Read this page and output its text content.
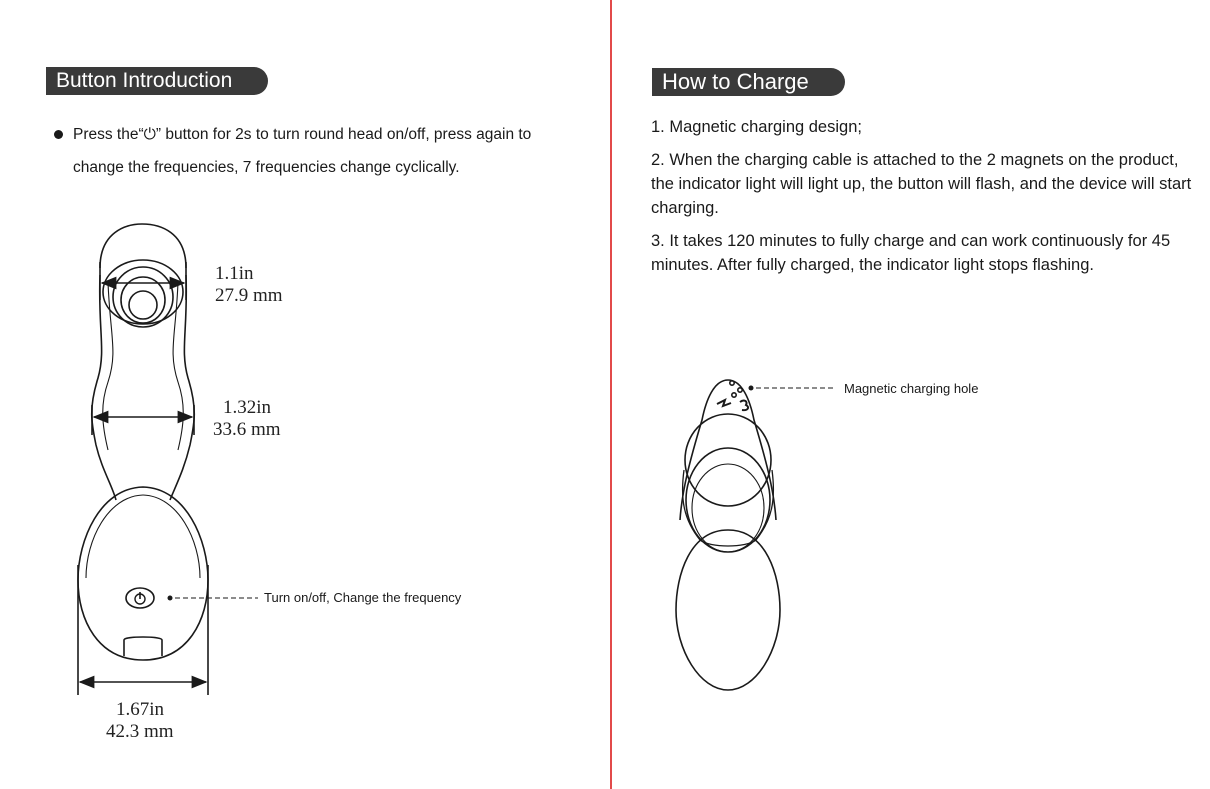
Button Introduction	How to Charge
Press the“⏻” button for 2s to turn round head on/off, press again to change the frequencies, 7 frequencies change cyclically.

1. Magnetic charging design;

2. When the charging cable is attached to the 2 magnets on the product, the indicator light will light up, the button will flash, and the device will start charging.

3. It takes 120 minutes to fully charge and can work continuously for 45 minutes. After fully charged, the indicator light stops flashing.

1.1in
27.9 mm
1.32in
33.6 mm
1.67in
42.3 mm
Turn on/off, Change the frequency
Magnetic charging hole
